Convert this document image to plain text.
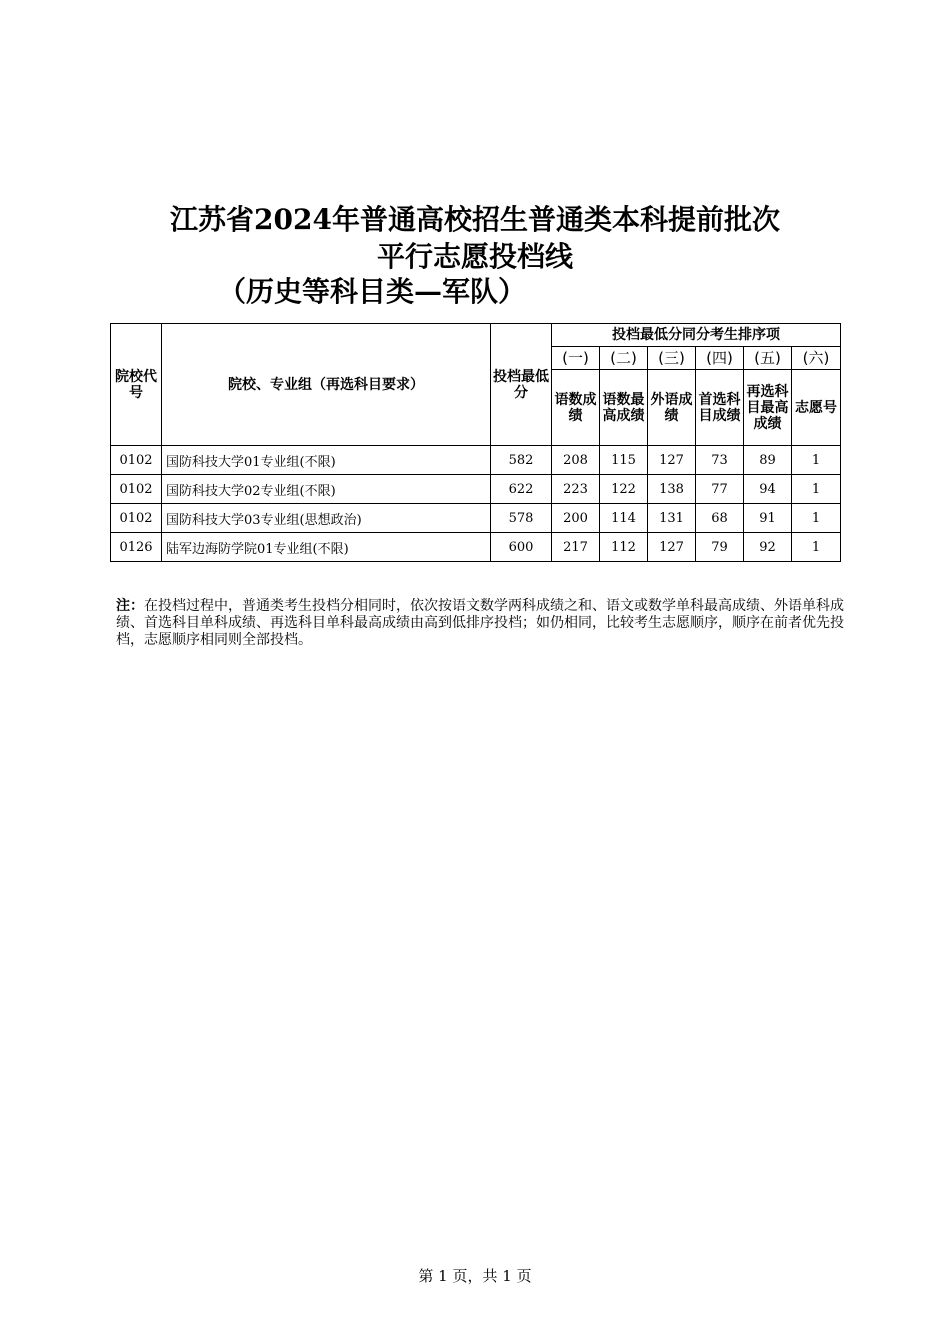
江苏省2024年普通高校招生普通类本科提前批次
平行志愿投档线
（历史等科目类—军队）
院校代号	院校、专业组（再选科目要求）	投档最低分	投档最低分同分考生排序项					
			(一)	(二)	(三)	(四)	(五)	(六)
			语数成绩	语数最高成绩	外语成绩	首选科目成绩	再选科目最高成绩	志愿号
0102	国防科技大学01专业组(不限)	582	208	115	127	73	89	1
0102	国防科技大学02专业组(不限)	622	223	122	138	77	94	1
0102	国防科技大学03专业组(思想政治)	578	200	114	131	68	91	1
0126	陆军边海防学院01专业组(不限)	600	217	112	127	79	92	1
注：在投档过程中，普通类考生投档分相同时，依次按语文数学两科成绩之和、语文或数学单科最高成绩、外语单科成绩、首选科目单科成绩、再选科目单科最高成绩由高到低排序投档；如仍相同，比较考生志愿顺序，顺序在前者优先投档，志愿顺序相同则全部投档。
第 1 页，共 1 页
